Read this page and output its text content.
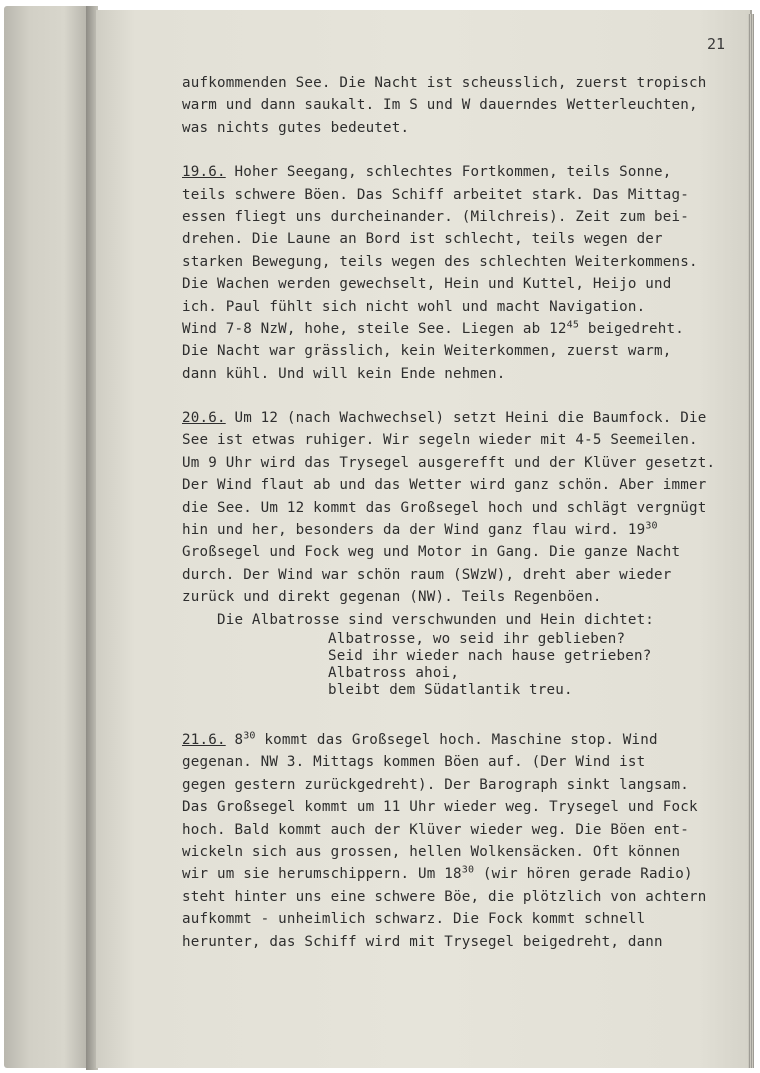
21
aufkommenden See. Die Nacht ist scheusslich, zuerst tropisch
warm und dann saukalt. Im S und W dauerndes Wetterleuchten,
was nichts gutes bedeutet.
19.6. Hoher Seegang, schlechtes Fortkommen, teils Sonne,
teils schwere Böen. Das Schiff arbeitet stark. Das Mittag-
essen fliegt uns durcheinander. (Milchreis). Zeit zum bei-
drehen. Die Laune an Bord ist schlecht, teils wegen der
starken Bewegung, teils wegen des schlechten Weiterkommens.
Die Wachen werden gewechselt, Hein und Kuttel, Heijo und
ich. Paul fühlt sich nicht wohl und macht Navigation.
Wind 7-8 NzW, hohe, steile See. Liegen ab $12^{45}$ beigedreht.
Die Nacht war grässlich, kein Weiterkommen, zuerst warm,
dann kühl. Und will kein Ende nehmen.
20.6. Um 12 (nach Wachwechsel) setzt Heini die Baumfock. Die
See ist etwas ruhiger. Wir segeln wieder mit 4-5 Seemeilen.
Um 9 Uhr wird das Trysegel ausgerefft und der Klüver gesetzt.
Der Wind flaut ab und das Wetter wird ganz schön. Aber immer
die See. Um 12 kommt das Großsegel hoch und schlägt vergnügt
hin und her, besonders da der Wind ganz flau wird. $19^{30}$
Großsegel und Fock weg und Motor in Gang. Die ganze Nacht
durch. Der Wind war schön raum (SWzW), dreht aber wieder
zurück und direkt gegenan (NW). Teils Regenböen.
Die Albatrosse sind verschwunden und Hein dichtet:
Albatrosse, wo seid ihr geblieben?
Seid ihr wieder nach hause getrieben?
Albatross ahoi,
bleibt dem Südatlantik treu.
21.6. $8^{30}$ kommt das Großsegel hoch. Maschine stop. Wind
gegenan. NW 3. Mittags kommen Böen auf. (Der Wind ist
gegen gestern zurückgedreht). Der Barograph sinkt langsam.
Das Großsegel kommt um 11 Uhr wieder weg. Trysegel und Fock
hoch. Bald kommt auch der Klüver wieder weg. Die Böen ent-
wickeln sich aus grossen, hellen Wolkensäcken. Oft können
wir um sie herumschippern. Um $18^{30}$ (wir hören gerade Radio)
steht hinter uns eine schwere Böe, die plötzlich von achtern
aufkommt - unheimlich schwarz. Die Fock kommt schnell
herunter, das Schiff wird mit Trysegel beigedreht, dann
